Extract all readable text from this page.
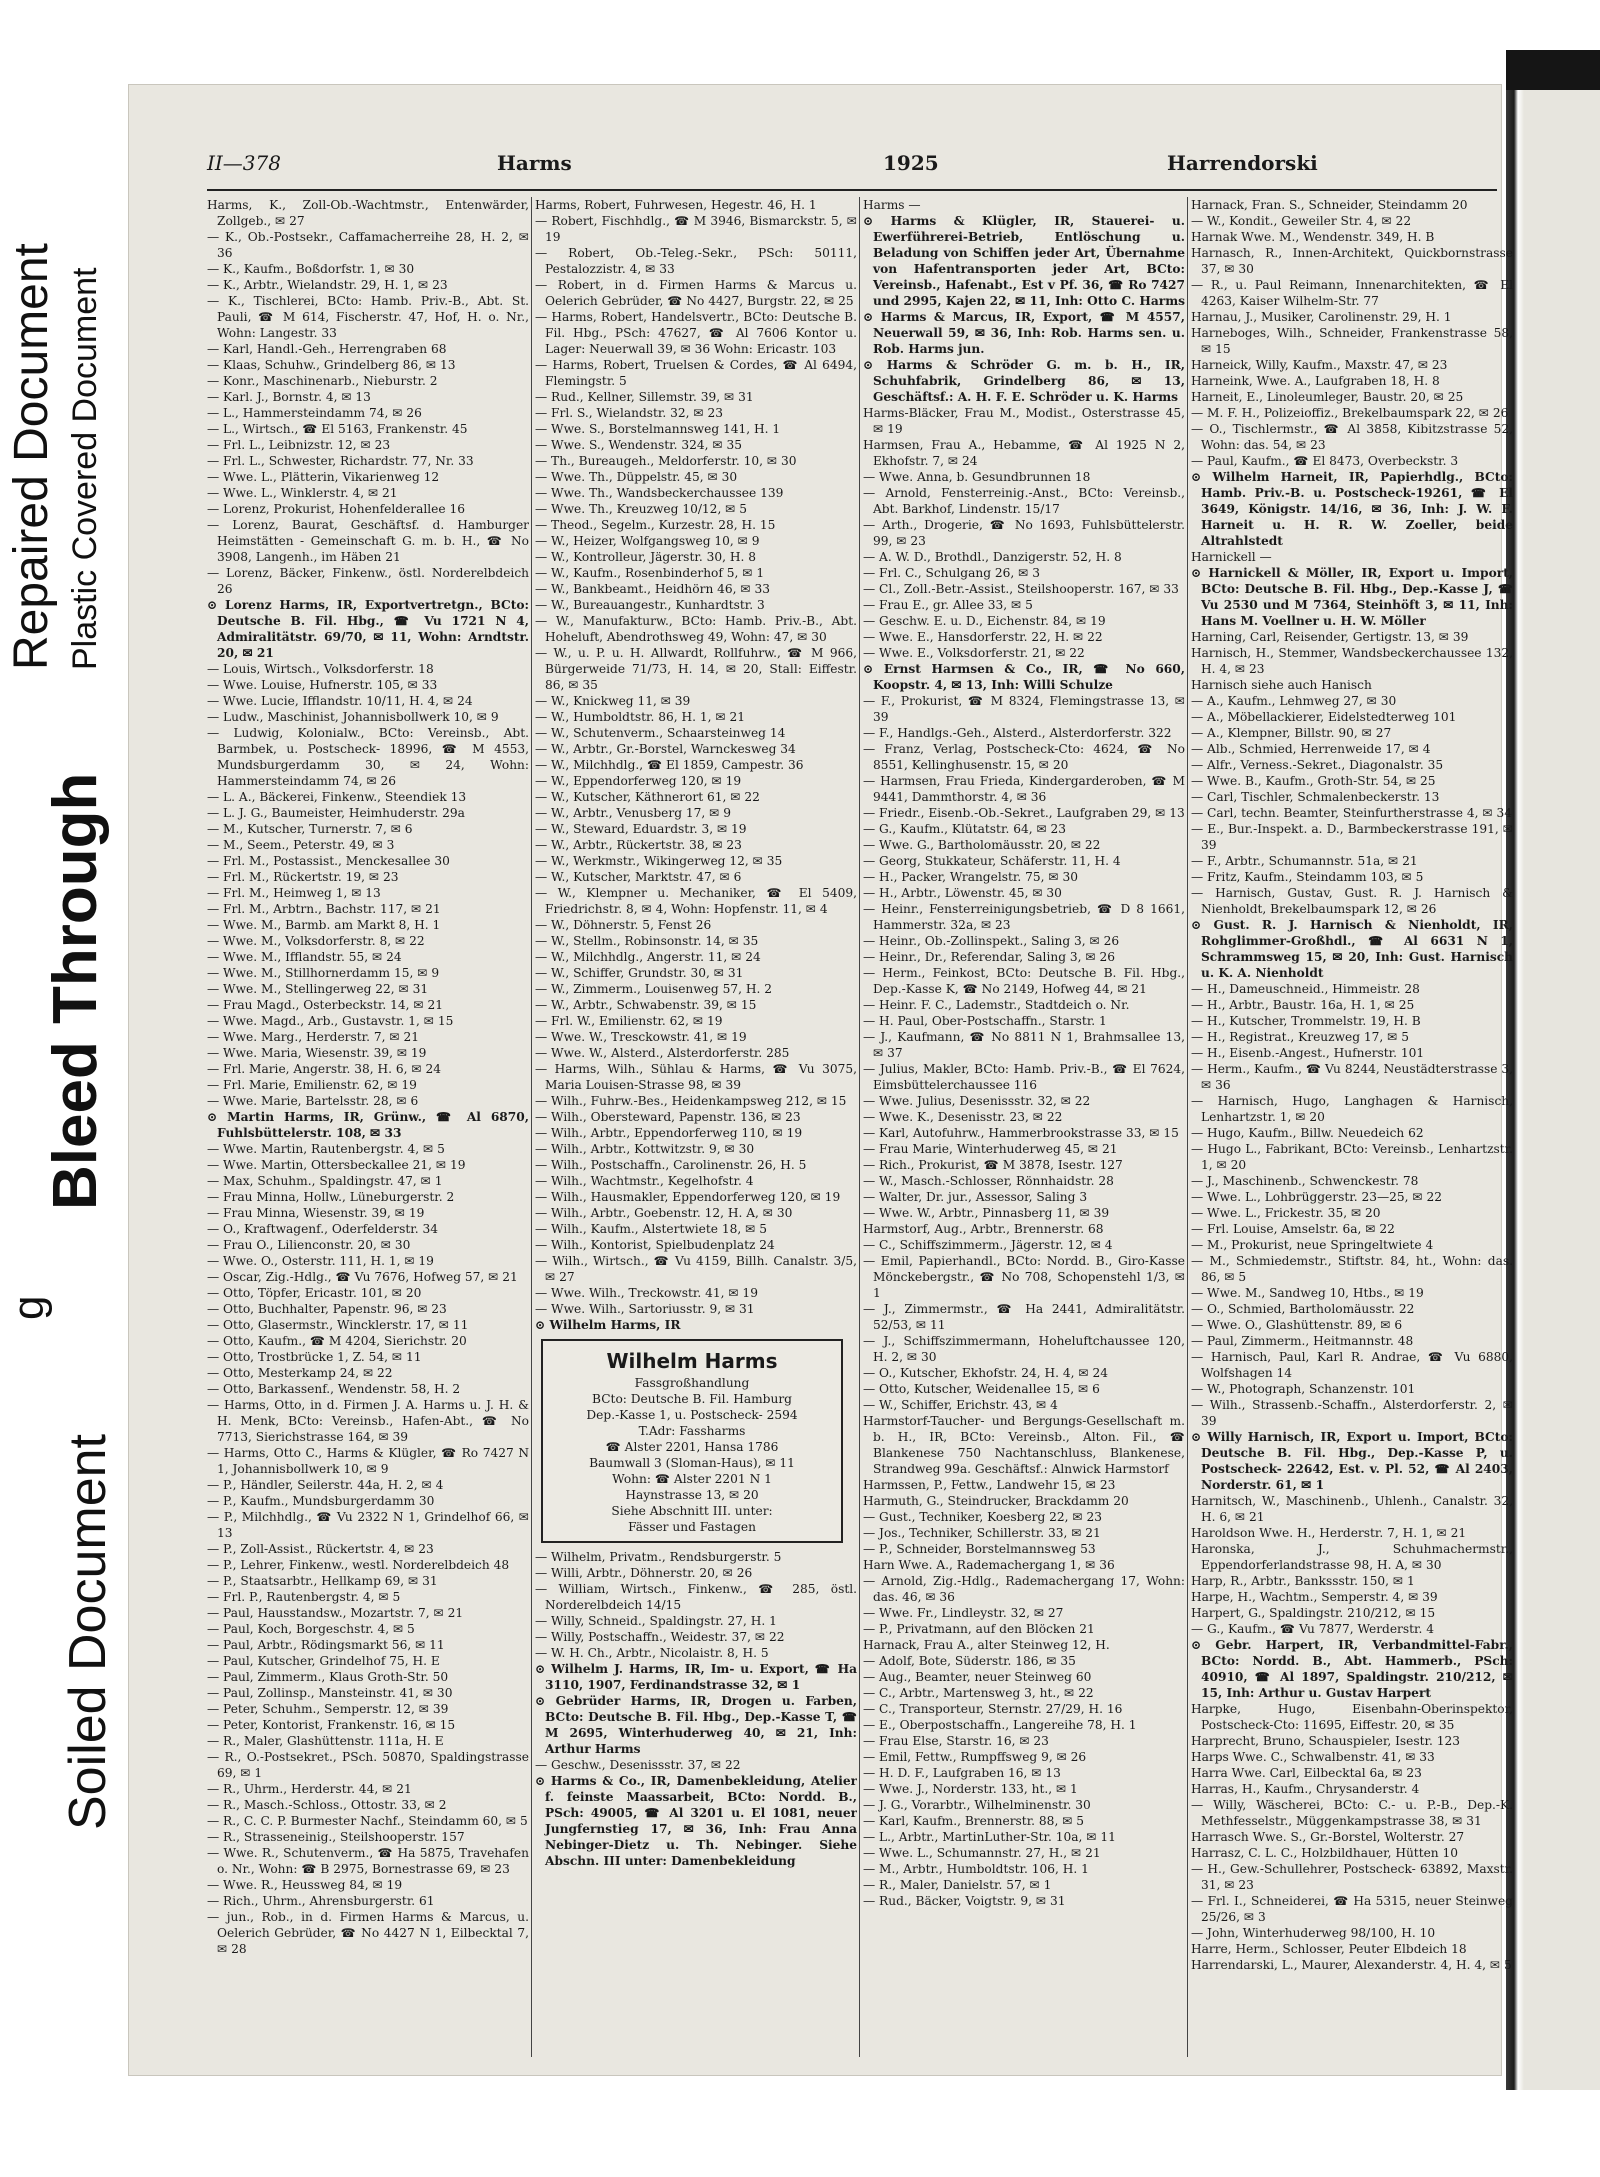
Repaired Document Plastic Covered Document
Bleed Through
g
Soiled Document
II—378	Harms	1925	Harrendorski

Harms, K., Zoll-Ob.-Wachtmstr., Entenwärder, Zollgeb., ✉ 27

— K., Ob.-Postsekr., Caffamacherreihe 28, H. 2, ✉ 36

— K., Kaufm., Boßdorfstr. 1, ✉ 30

— K., Arbtr., Wielandstr. 29, H. 1, ✉ 23

— K., Tischlerei, BCto: Hamb. Priv.-B., Abt. St. Pauli, ☎ M 614, Fischerstr. 47, Hof, H. o. Nr., Wohn: Langestr. 33

— Karl, Handl.-Geh., Herrengraben 68

— Klaas, Schuhw., Grindelberg 86, ✉ 13

— Konr., Maschinenarb., Nieburstr. 2

— Karl. J., Bornstr. 4, ✉ 13

— L., Hammersteindamm 74, ✉ 26

— L., Wirtsch., ☎ El 5163, Frankenstr. 45

— Frl. L., Leibnizstr. 12, ✉ 23

— Frl. L., Schwester, Richardstr. 77, Nr. 33

— Wwe. L., Plätterin, Vikarienweg 12

— Wwe. L., Winklerstr. 4, ✉ 21

— Lorenz, Prokurist, Hohenfelderallee 16

— Lorenz, Baurat, Geschäftsf. d. Hamburger Heimstätten - Gemeinschaft G. m. b. H., ☎ No 3908, Langenh., im Häben 21

— Lorenz, Bäcker, Finkenw., östl. Norderelbdeich 26

⊙ Lorenz Harms, IR, Exportvertretgn., BCto: Deutsche B. Fil. Hbg., ☎ Vu 1721 N 4, Admiralitätstr. 69/70, ✉ 11, Wohn: Arndtstr. 20, ✉ 21

— Louis, Wirtsch., Volksdorferstr. 18

— Wwe. Louise, Hufnerstr. 105, ✉ 33

— Wwe. Lucie, Ifflandstr. 10/11, H. 4, ✉ 24

— Ludw., Maschinist, Johannisbollwerk 10, ✉ 9

— Ludwig, Kolonialw., BCto: Vereinsb., Abt. Barmbek, u. Postscheck- 18996, ☎ M 4553, Mundsburgerdamm 30, ✉ 24, Wohn: Hammersteindamm 74, ✉ 26

— L. A., Bäckerei, Finkenw., Steendiek 13

— L. J. G., Baumeister, Heimhuderstr. 29a

— M., Kutscher, Turnerstr. 7, ✉ 6

— M., Seem., Peterstr. 49, ✉ 3

— Frl. M., Postassist., Menckesallee 30

— Frl. M., Rückertstr. 19, ✉ 23

— Frl. M., Heimweg 1, ✉ 13

— Frl. M., Arbtrn., Bachstr. 117, ✉ 21

— Wwe. M., Barmb. am Markt 8, H. 1

— Wwe. M., Volksdorferstr. 8, ✉ 22

— Wwe. M., Ifflandstr. 55, ✉ 24

— Wwe. M., Stillhornerdamm 15, ✉ 9

— Wwe. M., Stellingerweg 22, ✉ 31

— Frau Magd., Osterbeckstr. 14, ✉ 21

— Wwe. Magd., Arb., Gustavstr. 1, ✉ 15

— Wwe. Marg., Herderstr. 7, ✉ 21

— Wwe. Maria, Wiesenstr. 39, ✉ 19

— Frl. Marie, Angerstr. 38, H. 6, ✉ 24

— Frl. Marie, Emilienstr. 62, ✉ 19

— Wwe. Marie, Bartelsstr. 28, ✉ 6

⊙ Martin Harms, IR, Grünw., ☎ Al 6870, Fuhlsbüttelerstr. 108, ✉ 33

— Wwe. Martin, Rautenbergstr. 4, ✉ 5

— Wwe. Martin, Ottersbeckallee 21, ✉ 19

— Max, Schuhm., Spaldingstr. 47, ✉ 1

— Frau Minna, Hollw., Lüneburgerstr. 2

— Frau Minna, Wiesenstr. 39, ✉ 19

— O., Kraftwagenf., Oderfelderstr. 34

— Frau O., Lilienconstr. 20, ✉ 30

— Wwe. O., Osterstr. 111, H. 1, ✉ 19

— Oscar, Zig.-Hdlg., ☎ Vu 7676, Hofweg 57, ✉ 21

— Otto, Töpfer, Ericastr. 101, ✉ 20

— Otto, Buchhalter, Papenstr. 96, ✉ 23

— Otto, Glasermstr., Wincklerstr. 17, ✉ 11

— Otto, Kaufm., ☎ M 4204, Sierichstr. 20

— Otto, Trostbrücke 1, Z. 54, ✉ 11

— Otto, Mesterkamp 24, ✉ 22

— Otto, Barkassenf., Wendenstr. 58, H. 2

— Harms, Otto, in d. Firmen J. A. Harms u. J. H. & H. Menk, BCto: Vereinsb., Hafen-Abt., ☎ No 7713, Sierichstrasse 164, ✉ 39

— Harms, Otto C., Harms & Klügler, ☎ Ro 7427 N 1, Johannisbollwerk 10, ✉ 9

— P., Händler, Seilerstr. 44a, H. 2, ✉ 4

— P., Kaufm., Mundsburgerdamm 30

— P., Milchhdlg., ☎ Vu 2322 N 1, Grindelhof 66, ✉ 13

— P., Zoll-Assist., Rückertstr. 4, ✉ 23

— P., Lehrer, Finkenw., westl. Norderelbdeich 48

— P., Staatsarbtr., Hellkamp 69, ✉ 31

— Frl. P., Rautenbergstr. 4, ✉ 5

— Paul, Hausstandsw., Mozartstr. 7, ✉ 21

— Paul, Koch, Borgeschstr. 4, ✉ 5

— Paul, Arbtr., Rödingsmarkt 56, ✉ 11

— Paul, Kutscher, Grindelhof 75, H. E

— Paul, Zimmerm., Klaus Groth-Str. 50

— Paul, Zollinsp., Mansteinstr. 41, ✉ 30

— Peter, Schuhm., Semperstr. 12, ✉ 39

— Peter, Kontorist, Frankenstr. 16, ✉ 15

— R., Maler, Glashüttenstr. 111a, H. E

— R., O.-Postsekret., PSch. 50870, Spaldingstrasse 69, ✉ 1

— R., Uhrm., Herderstr. 44, ✉ 21

— R., Masch.-Schloss., Ottostr. 33, ✉ 2

— R., C. C. P. Burmester Nachf., Steindamm 60, ✉ 5

— R., Strasseneinig., Steilshooperstr. 157

— Wwe. R., Schutenverm., ☎ Ha 5875, Travehafen o. Nr., Wohn: ☎ B 2975, Bornestrasse 69, ✉ 23

— Wwe. R., Heussweg 84, ✉ 19

— Rich., Uhrm., Ahrensburgerstr. 61

— jun., Rob., in d. Firmen Harms & Marcus, u. Oelerich Gebrüder, ☎ No 4427 N 1, Eilbecktal 7, ✉ 28

Harms, Robert, Fuhrwesen, Hegestr. 46, H. 1

— Robert, Fischhdlg., ☎ M 3946, Bismarckstr. 5, ✉ 19

— Robert, Ob.-Teleg.-Sekr., PSch: 50111, Pestalozzistr. 4, ✉ 33

— Robert, in d. Firmen Harms & Marcus u. Oelerich Gebrüder, ☎ No 4427, Burgstr. 22, ✉ 25

— Harms, Robert, Handelsvertr., BCto: Deutsche B. Fil. Hbg., PSch: 47627, ☎ Al 7606 Kontor u. Lager: Neuerwall 39, ✉ 36 Wohn: Ericastr. 103

— Harms, Robert, Truelsen & Cordes, ☎ Al 6494, Flemingstr. 5

— Rud., Kellner, Sillemstr. 39, ✉ 31

— Frl. S., Wielandstr. 32, ✉ 23

— Wwe. S., Borstelmannsweg 141, H. 1

— Wwe. S., Wendenstr. 324, ✉ 35

— Th., Bureaugeh., Meldorferstr. 10, ✉ 30

— Wwe. Th., Düppelstr. 45, ✉ 30

— Wwe. Th., Wandsbeckerchaussee 139

— Wwe. Th., Kreuzweg 10/12, ✉ 5

— Theod., Segelm., Kurzestr. 28, H. 15

— W., Heizer, Wolfgangsweg 10, ✉ 9

— W., Kontrolleur, Jägerstr. 30, H. 8

— W., Kaufm., Rosenbinderhof 5, ✉ 1

— W., Bankbeamt., Heidhörn 46, ✉ 33

— W., Bureauangestr., Kunhardtstr. 3

— W., Manufakturw., BCto: Hamb. Priv.-B., Abt. Hoheluft, Abendrothsweg 49, Wohn: 47, ✉ 30

— W., u. P. u. H. Allwardt, Rollfuhrw., ☎ M 966, Bürgerweide 71/73, H. 14, ✉ 20, Stall: Eiffestr. 86, ✉ 35

— W., Knickweg 11, ✉ 39

— W., Humboldtstr. 86, H. 1, ✉ 21

— W., Schutenverm., Schaarsteinweg 14

— W., Arbtr., Gr.-Borstel, Warnckesweg 34

— W., Milchhdlg., ☎ El 1859, Campestr. 36

— W., Eppendorferweg 120, ✉ 19

— W., Kutscher, Käthnerort 61, ✉ 22

— W., Arbtr., Venusberg 17, ✉ 9

— W., Steward, Eduardstr. 3, ✉ 19

— W., Arbtr., Rückertstr. 38, ✉ 23

— W., Werkmstr., Wikingerweg 12, ✉ 35

— W., Kutscher, Marktstr. 47, ✉ 6

— W., Klempner u. Mechaniker, ☎ El 5409, Friedrichstr. 8, ✉ 4, Wohn: Hopfenstr. 11, ✉ 4

— W., Döhnerstr. 5, Fenst 26

— W., Stellm., Robinsonstr. 14, ✉ 35

— W., Milchhdlg., Angerstr. 11, ✉ 24

— W., Schiffer, Grundstr. 30, ✉ 31

— W., Zimmerm., Louisenweg 57, H. 2

— W., Arbtr., Schwabenstr. 39, ✉ 15

— Frl. W., Emilienstr. 62, ✉ 19

— Wwe. W., Tresckowstr. 41, ✉ 19

— Wwe. W., Alsterd., Alsterdorferstr. 285

— Harms, Wilh., Sühlau & Harms, ☎ Vu 3075, Maria Louisen-Strasse 98, ✉ 39

— Wilh., Fuhrw.-Bes., Heidenkampsweg 212, ✉ 15

— Wilh., Obersteward, Papenstr. 136, ✉ 23

— Wilh., Arbtr., Eppendorferweg 110, ✉ 19

— Wilh., Arbtr., Kottwitzstr. 9, ✉ 30

— Wilh., Postschaffn., Carolinenstr. 26, H. 5

— Wilh., Wachtmstr., Kegelhofstr. 4

— Wilh., Hausmakler, Eppendorferweg 120, ✉ 19

— Wilh., Arbtr., Goebenstr. 12, H. A, ✉ 30

— Wilh., Kaufm., Alstertwiete 18, ✉ 5

— Wilh., Kontorist, Spielbudenplatz 24

— Wilh., Wirtsch., ☎ Vu 4159, Billh. Canalstr. 3/5, ✉ 27

— Wwe. Wilh., Treckowstr. 41, ✉ 19

— Wwe. Wilh., Sartoriusstr. 9, ✉ 31

⊙ Wilhelm Harms, IR

Wilhelm Harms
Fassgroßhandlung
BCto: Deutsche B. Fil. Hamburg
Dep.-Kasse 1, u. Postscheck- 2594
T.Adr: Fassharms
☎ Alster 2201, Hansa 1786
Baumwall 3 (Sloman-Haus), ✉ 11
Wohn: ☎ Alster 2201 N 1
Haynstrasse 13, ✉ 20
Siehe Abschnitt III. unter:
Fässer und Fastagen

— Wilhelm, Privatm., Rendsburgerstr. 5

— Willi, Arbtr., Döhnerstr. 20, ✉ 26

— William, Wirtsch., Finkenw., ☎ 285, östl. Norderelbdeich 14/15

— Willy, Schneid., Spaldingstr. 27, H. 1

— Willy, Postschaffn., Weidestr. 37, ✉ 22

— W. H. Ch., Arbtr., Nicolaistr. 8, H. 5

⊙ Wilhelm J. Harms, IR, Im- u. Export, ☎ Ha 3110, 1907, Ferdinandstrasse 32, ✉ 1

⊙ Gebrüder Harms, IR, Drogen u. Farben, BCto: Deutsche B. Fil. Hbg., Dep.-Kasse T, ☎ M 2695, Winterhuderweg 40, ✉ 21, Inh: Arthur Harms

— Geschw., Desenissstr. 37, ✉ 22

⊙ Harms & Co., IR, Damenbekleidung, Atelier f. feinste Maassarbeit, BCto: Nordd. B., PSch: 49005, ☎ Al 3201 u. El 1081, neuer Jungfernstieg 17, ✉ 36, Inh: Frau Anna Nebinger-Dietz u. Th. Nebinger. Siehe Abschn. III unter: Damenbekleidung

Harms —

⊙ Harms & Klügler, IR, Stauerei- u. Ewerführerei-Betrieb, Entlöschung u. Beladung von Schiffen jeder Art, Übernahme von Hafentransporten jeder Art, BCto: Vereinsb., Hafenabt., Est v Pf. 36, ☎ Ro 7427 und 2995, Kajen 22, ✉ 11, Inh: Otto C. Harms

⊙ Harms & Marcus, IR, Export, ☎ M 4557, Neuerwall 59, ✉ 36, Inh: Rob. Harms sen. u. Rob. Harms jun.

⊙ Harms & Schröder G. m. b. H., IR, Schuhfabrik, Grindelberg 86, ✉ 13, Geschäftsf.: A. H. F. E. Schröder u. K. Harms

Harms-Bläcker, Frau M., Modist., Osterstrasse 45, ✉ 19

Harmsen, Frau A., Hebamme, ☎ Al 1925 N 2, Ekhofstr. 7, ✉ 24

— Wwe. Anna, b. Gesundbrunnen 18

— Arnold, Fensterreinig.-Anst., BCto: Vereinsb., Abt. Barkhof, Lindenstr. 15/17

— Arth., Drogerie, ☎ No 1693, Fuhlsbüttelerstr. 99, ✉ 23

— A. W. D., Brothdl., Danzigerstr. 52, H. 8

— Frl. C., Schulgang 26, ✉ 3

— Cl., Zoll.-Betr.-Assist., Steilshooperstr. 167, ✉ 33

— Frau E., gr. Allee 33, ✉ 5

— Geschw. E. u. D., Eichenstr. 84, ✉ 19

— Wwe. E., Hansdorferstr. 22, H. ✉ 22

— Wwe. E., Volksdorferstr. 21, ✉ 22

⊙ Ernst Harmsen & Co., IR, ☎ No 660, Koopstr. 4, ✉ 13, Inh: Willi Schulze

— F., Prokurist, ☎ M 8324, Flemingstrasse 13, ✉ 39

— F., Handlgs.-Geh., Alsterd., Alsterdorferstr. 322

— Franz, Verlag, Postscheck-Cto: 4624, ☎ No 8551, Kellinghusenstr. 15, ✉ 20

— Harmsen, Frau Frieda, Kindergarderoben, ☎ M 9441, Dammthorstr. 4, ✉ 36

— Friedr., Eisenb.-Ob.-Sekret., Laufgraben 29, ✉ 13

— G., Kaufm., Klütatstr. 64, ✉ 23

— Wwe. G., Bartholomäusstr. 20, ✉ 22

— Georg, Stukkateur, Schäferstr. 11, H. 4

— H., Packer, Wrangelstr. 75, ✉ 30

— H., Arbtr., Löwenstr. 45, ✉ 30

— Heinr., Fensterreinigungsbetrieb, ☎ D 8 1661, Hammerstr. 32a, ✉ 23

— Heinr., Ob.-Zollinspekt., Saling 3, ✉ 26

— Heinr., Dr., Referendar, Saling 3, ✉ 26

— Herm., Feinkost, BCto: Deutsche B. Fil. Hbg., Dep.-Kasse K, ☎ No 2149, Hofweg 44, ✉ 21

— Heinr. F. C., Lademstr., Stadtdeich o. Nr.

— H. Paul, Ober-Postschaffn., Starstr. 1

— J., Kaufmann, ☎ No 8811 N 1, Brahmsallee 13, ✉ 37

— Julius, Makler, BCto: Hamb. Priv.-B., ☎ El 7624, Eimsbüttelerchaussee 116

— Wwe. Julius, Desenissstr. 32, ✉ 22

— Wwe. K., Desenisstr. 23, ✉ 22

— Karl, Autofuhrw., Hammerbrookstrasse 33, ✉ 15

— Frau Marie, Winterhuderweg 45, ✉ 21

— Rich., Prokurist, ☎ M 3878, Isestr. 127

— W., Masch.-Schlosser, Rönnhaidstr. 28

— Walter, Dr. jur., Assessor, Saling 3

— Wwe. W., Arbtr., Pinnasberg 11, ✉ 39

Harmstorf, Aug., Arbtr., Brennerstr. 68

— C., Schiffszimmerm., Jägerstr. 12, ✉ 4

— Emil, Papierhandl., BCto: Nordd. B., Giro-Kasse Mönckebergstr., ☎ No 708, Schopenstehl 1/3, ✉ 1

— J., Zimmermstr., ☎ Ha 2441, Admiralitätstr. 52/53, ✉ 11

— J., Schiffszimmermann, Hoheluftchaussee 120, H. 2, ✉ 30

— O., Kutscher, Ekhofstr. 24, H. 4, ✉ 24

— Otto, Kutscher, Weidenallee 15, ✉ 6

— W., Schiffer, Erichstr. 43, ✉ 4

Harmstorf-Taucher- und Bergungs-Gesellschaft m. b. H., IR, BCto: Vereinsb., Alton. Fil., ☎ Blankenese 750 Nachtanschluss, Blankenese, Strandweg 99a. Geschäftsf.: Alnwick Harmstorf

Harmssen, P., Fettw., Landwehr 15, ✉ 23

Harmuth, G., Steindrucker, Brackdamm 20

— Gust., Techniker, Koesberg 22, ✉ 23

— Jos., Techniker, Schillerstr. 33, ✉ 21

— P., Schneider, Borstelmannsweg 53

Harn Wwe. A., Rademachergang 1, ✉ 36

— Arnold, Zig.-Hdlg., Rademachergang 17, Wohn: das. 46, ✉ 36

— Wwe. Fr., Lindleystr. 32, ✉ 27

— P., Privatmann, auf den Blöcken 21

Harnack, Frau A., alter Steinweg 12, H.

— Adolf, Bote, Süderstr. 186, ✉ 35

— Aug., Beamter, neuer Steinweg 60

— C., Arbtr., Martensweg 3, ht., ✉ 22

— C., Transporteur, Sternstr. 27/29, H. 16

— E., Oberpostschaffn., Langereihe 78, H. 1

— Frau Else, Starstr. 16, ✉ 23

— Emil, Fettw., Rumpffsweg 9, ✉ 26

— H. D. F., Laufgraben 16, ✉ 13

— Wwe. J., Norderstr. 133, ht., ✉ 1

— J. G., Vorarbtr., Wilhelminenstr. 30

— Karl, Kaufm., Brennerstr. 88, ✉ 5

— L., Arbtr., MartinLuther-Str. 10a, ✉ 11

— Wwe. L., Schumannstr. 27, H., ✉ 21

— M., Arbtr., Humboldtstr. 106, H. 1

— R., Maler, Danielstr. 57, ✉ 1

— Rud., Bäcker, Voigtstr. 9, ✉ 31

Harnack, Fran. S., Schneider, Steindamm 20

— W., Kondit., Geweiler Str. 4, ✉ 22

Harnak Wwe. M., Wendenstr. 349, H. B

Harnasch, R., Innen-Architekt, Quickbornstrasse 37, ✉ 30

— R., u. Paul Reimann, Innenarchitekten, ☎ El 4263, Kaiser Wilhelm-Str. 77

Harnau, J., Musiker, Carolinenstr. 29, H. 1

Harneboges, Wilh., Schneider, Frankenstrasse 58, ✉ 15

Harneick, Willy, Kaufm., Maxstr. 47, ✉ 23

Harneink, Wwe. A., Laufgraben 18, H. 8

Harneit, E., Linoleumleger, Baustr. 20, ✉ 25

— M. F. H., Polizeioffiz., Brekelbaumspark 22, ✉ 26

— O., Tischlermstr., ☎ Al 3858, Kibitzstrasse 52, Wohn: das. 54, ✉ 23

— Paul, Kaufm., ☎ El 8473, Overbeckstr. 3

⊙ Wilhelm Harneit, IR, Papierhdlg., BCto: Hamb. Priv.-B. u. Postscheck-19261, ☎ El 3649, Königstr. 14/16, ✉ 36, Inh: J. W. F. Harneit u. H. R. W. Zoeller, beide Altrahlstedt

Harnickell —

⊙ Harnickell & Möller, IR, Export u. Import, BCto: Deutsche B. Fil. Hbg., Dep.-Kasse J, ☎ Vu 2530 und M 7364, Steinhöft 3, ✉ 11, Inh: Hans M. Voellner u. H. W. Möller

Harning, Carl, Reisender, Gertigstr. 13, ✉ 39

Harnisch, H., Stemmer, Wandsbeckerchaussee 132, H. 4, ✉ 23

Harnisch siehe auch Hanisch

— A., Kaufm., Lehmweg 27, ✉ 30

— A., Möbellackierer, Eidelstedterweg 101

— A., Klempner, Billstr. 90, ✉ 27

— Alb., Schmied, Herrenweide 17, ✉ 4

— Alfr., Verness.-Sekret., Diagonalstr. 35

— Wwe. B., Kaufm., Groth-Str. 54, ✉ 25

— Carl, Tischler, Schmalenbeckerstr. 13

— Carl, techn. Beamter, Steinfurtherstrasse 4, ✉ 34

— E., Bur.-Inspekt. a. D., Barmbeckerstrasse 191, ✉ 39

— F., Arbtr., Schumannstr. 51a, ✉ 21

— Fritz, Kaufm., Steindamm 103, ✉ 5

— Harnisch, Gustav, Gust. R. J. Harnisch & Nienholdt, Brekelbaumspark 12, ✉ 26

⊙ Gust. R. J. Harnisch & Nienholdt, IR, Rohglimmer-Großhdl., ☎ Al 6631 N 1, Schrammsweg 15, ✉ 20, Inh: Gust. Harnisch u. K. A. Nienholdt

— H., Dameuschneid., Himmeistr. 28

— H., Arbtr., Baustr. 16a, H. 1, ✉ 25

— H., Kutscher, Trommelstr. 19, H. B

— H., Registrat., Kreuzweg 17, ✉ 5

— H., Eisenb.-Angest., Hufnerstr. 101

— Herm., Kaufm., ☎ Vu 8244, Neustädterstrasse 3, ✉ 36

— Harnisch, Hugo, Langhagen & Harnisch, Lenhartzstr. 1, ✉ 20

— Hugo, Kaufm., Billw. Neuedeich 62

— Hugo L., Fabrikant, BCto: Vereinsb., Lenhartzstr. 1, ✉ 20

— J., Maschinenb., Schwenckestr. 78

— Wwe. L., Lohbrüggerstr. 23—25, ✉ 22

— Wwe. L., Frickestr. 35, ✉ 20

— Frl. Louise, Amselstr. 6a, ✉ 22

— M., Prokurist, neue Springeltwiete 4

— M., Schmiedemstr., Stiftstr. 84, ht., Wohn: das. 86, ✉ 5

— Wwe. M., Sandweg 10, Htbs., ✉ 19

— O., Schmied, Bartholomäusstr. 22

— Wwe. O., Glashüttenstr. 89, ✉ 6

— Paul, Zimmerm., Heitmannstr. 48

— Harnisch, Paul, Karl R. Andrae, ☎ Vu 6880, Wolfshagen 14

— W., Photograph, Schanzenstr. 101

— Wilh., Strassenb.-Schaffn., Alsterdorferstr. 2, ✉ 39

⊙ Willy Harnisch, IR, Export u. Import, BCto: Deutsche B. Fil. Hbg., Dep.-Kasse P, u. Postscheck- 22642, Est. v. Pl. 52, ☎ Al 2403, Norderstr. 61, ✉ 1

Harnitsch, W., Maschinenb., Uhlenh., Canalstr. 32, H. 6, ✉ 21

Haroldson Wwe. H., Herderstr. 7, H. 1, ✉ 21

Haronska, J., Schuhmachermstr., Eppendorferlandstrasse 98, H. A, ✉ 30

Harp, R., Arbtr., Bankssstr. 150, ✉ 1

Harpe, H., Wachtm., Semperstr. 4, ✉ 39

Harpert, G., Spaldingstr. 210/212, ✉ 15

— G., Kaufm., ☎ Vu 7877, Werderstr. 4

⊙ Gebr. Harpert, IR, Verbandmittel-Fabr., BCto: Nordd. B., Abt. Hammerb., PSch: 40910, ☎ Al 1897, Spaldingstr. 210/212, ✉ 15, Inh: Arthur u. Gustav Harpert

Harpke, Hugo, Eisenbahn-Oberinspektor, Postscheck-Cto: 11695, Eiffestr. 20, ✉ 35

Harprecht, Bruno, Schauspieler, Isestr. 123

Harps Wwe. C., Schwalbenstr. 41, ✉ 33

Harra Wwe. Carl, Eilbecktal 6a, ✉ 23

Harras, H., Kaufm., Chrysanderstr. 4

— Willy, Wäscherei, BCto: C.- u. P.-B., Dep.-K. Methfesselstr., Müggenkampstrasse 38, ✉ 31

Harrasch Wwe. S., Gr.-Borstel, Wolterstr. 27

Harrasz, C. L. C., Holzbildhauer, Hütten 10

— H., Gew.-Schullehrer, Postscheck- 63892, Maxstr. 31, ✉ 23

— Frl. I., Schneiderei, ☎ Ha 5315, neuer Steinweg 25/26, ✉ 3

— John, Winterhuderweg 98/100, H. 10

Harre, Herm., Schlosser, Peuter Elbdeich 18

Harrendarski, L., Maurer, Alexanderstr. 4, H. 4, ✉ 5
